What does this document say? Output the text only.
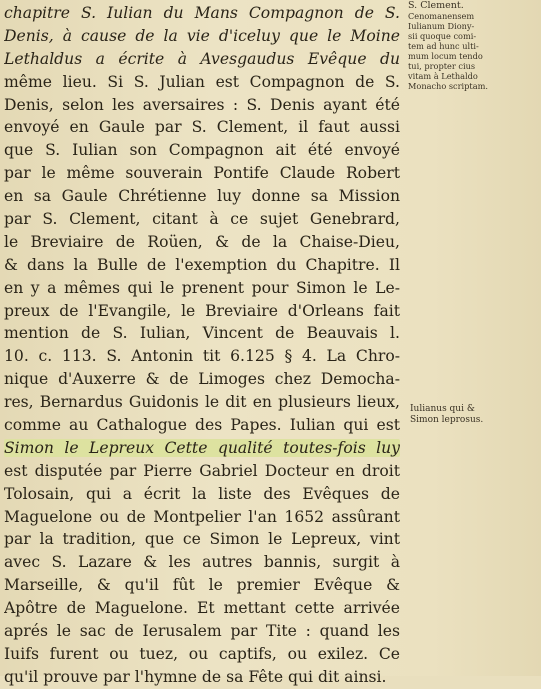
chapitre S. Iulian du Mans Compagnon de S.
Denis, à cause de la vie d'iceluy que le Moine
Lethaldus a écrite à Avesgaudus Evêque du
même lieu. Si S. Julian est Compagnon de S.
Denis, selon les aversaires : S. Denis ayant été
envoyé en Gaule par S. Clement, il faut aussi
que S. Iulian son Compagnon ait été envoyé
par le même souverain Pontife Claude Robert
en sa Gaule Chrétienne luy donne sa Mission
par S. Clement, citant à ce sujet Genebrard,
le Breviaire de Roüen, & de la Chaise-Dieu,
& dans la Bulle de l'exemption du Chapitre. Il
en y a mêmes qui le prenent pour Simon le Le-
preux de l'Evangile, le Breviaire d'Orleans fait
mention de S. Iulian, Vincent de Beauvais l.
10. c. 113. S. Antonin tit 6.125 § 4. La Chro-
nique d'Auxerre & de Limoges chez Democha-
res, Bernardus Guidonis le dit en plusieurs lieux,
comme au Cathalogue des Papes. Iulian qui est
Simon le Lepreux Cette qualité toutes-fois luy
est disputée par Pierre Gabriel Docteur en droit
Tolosain, qui a écrit la liste des Evêques de
Maguelone ou de Montpelier l'an 1652 assûrant
par la tradition, que ce Simon le Lepreux, vint
avec S. Lazare & les autres bannis, surgit à
Marseille, & qu'il fût le premier Evêque &
Apôtre de Maguelone. Et mettant cette arrivée
aprés le sac de Ierusalem par Tite : quand les
Iuifs furent ou tuez, ou captifs, ou exilez. Ce
qu'il prouve par l'hymne de sa Fête qui dit ainsi.
S. Clement.
Cenomanensem
Iulianum Diony-
sii quoque comi-
tem ad hunc ulti-
mum locum tendo
tui, propter cius
vitam à Lethaldo
Monacho scriptam.
Iulianus qui &
Simon leprosus.
